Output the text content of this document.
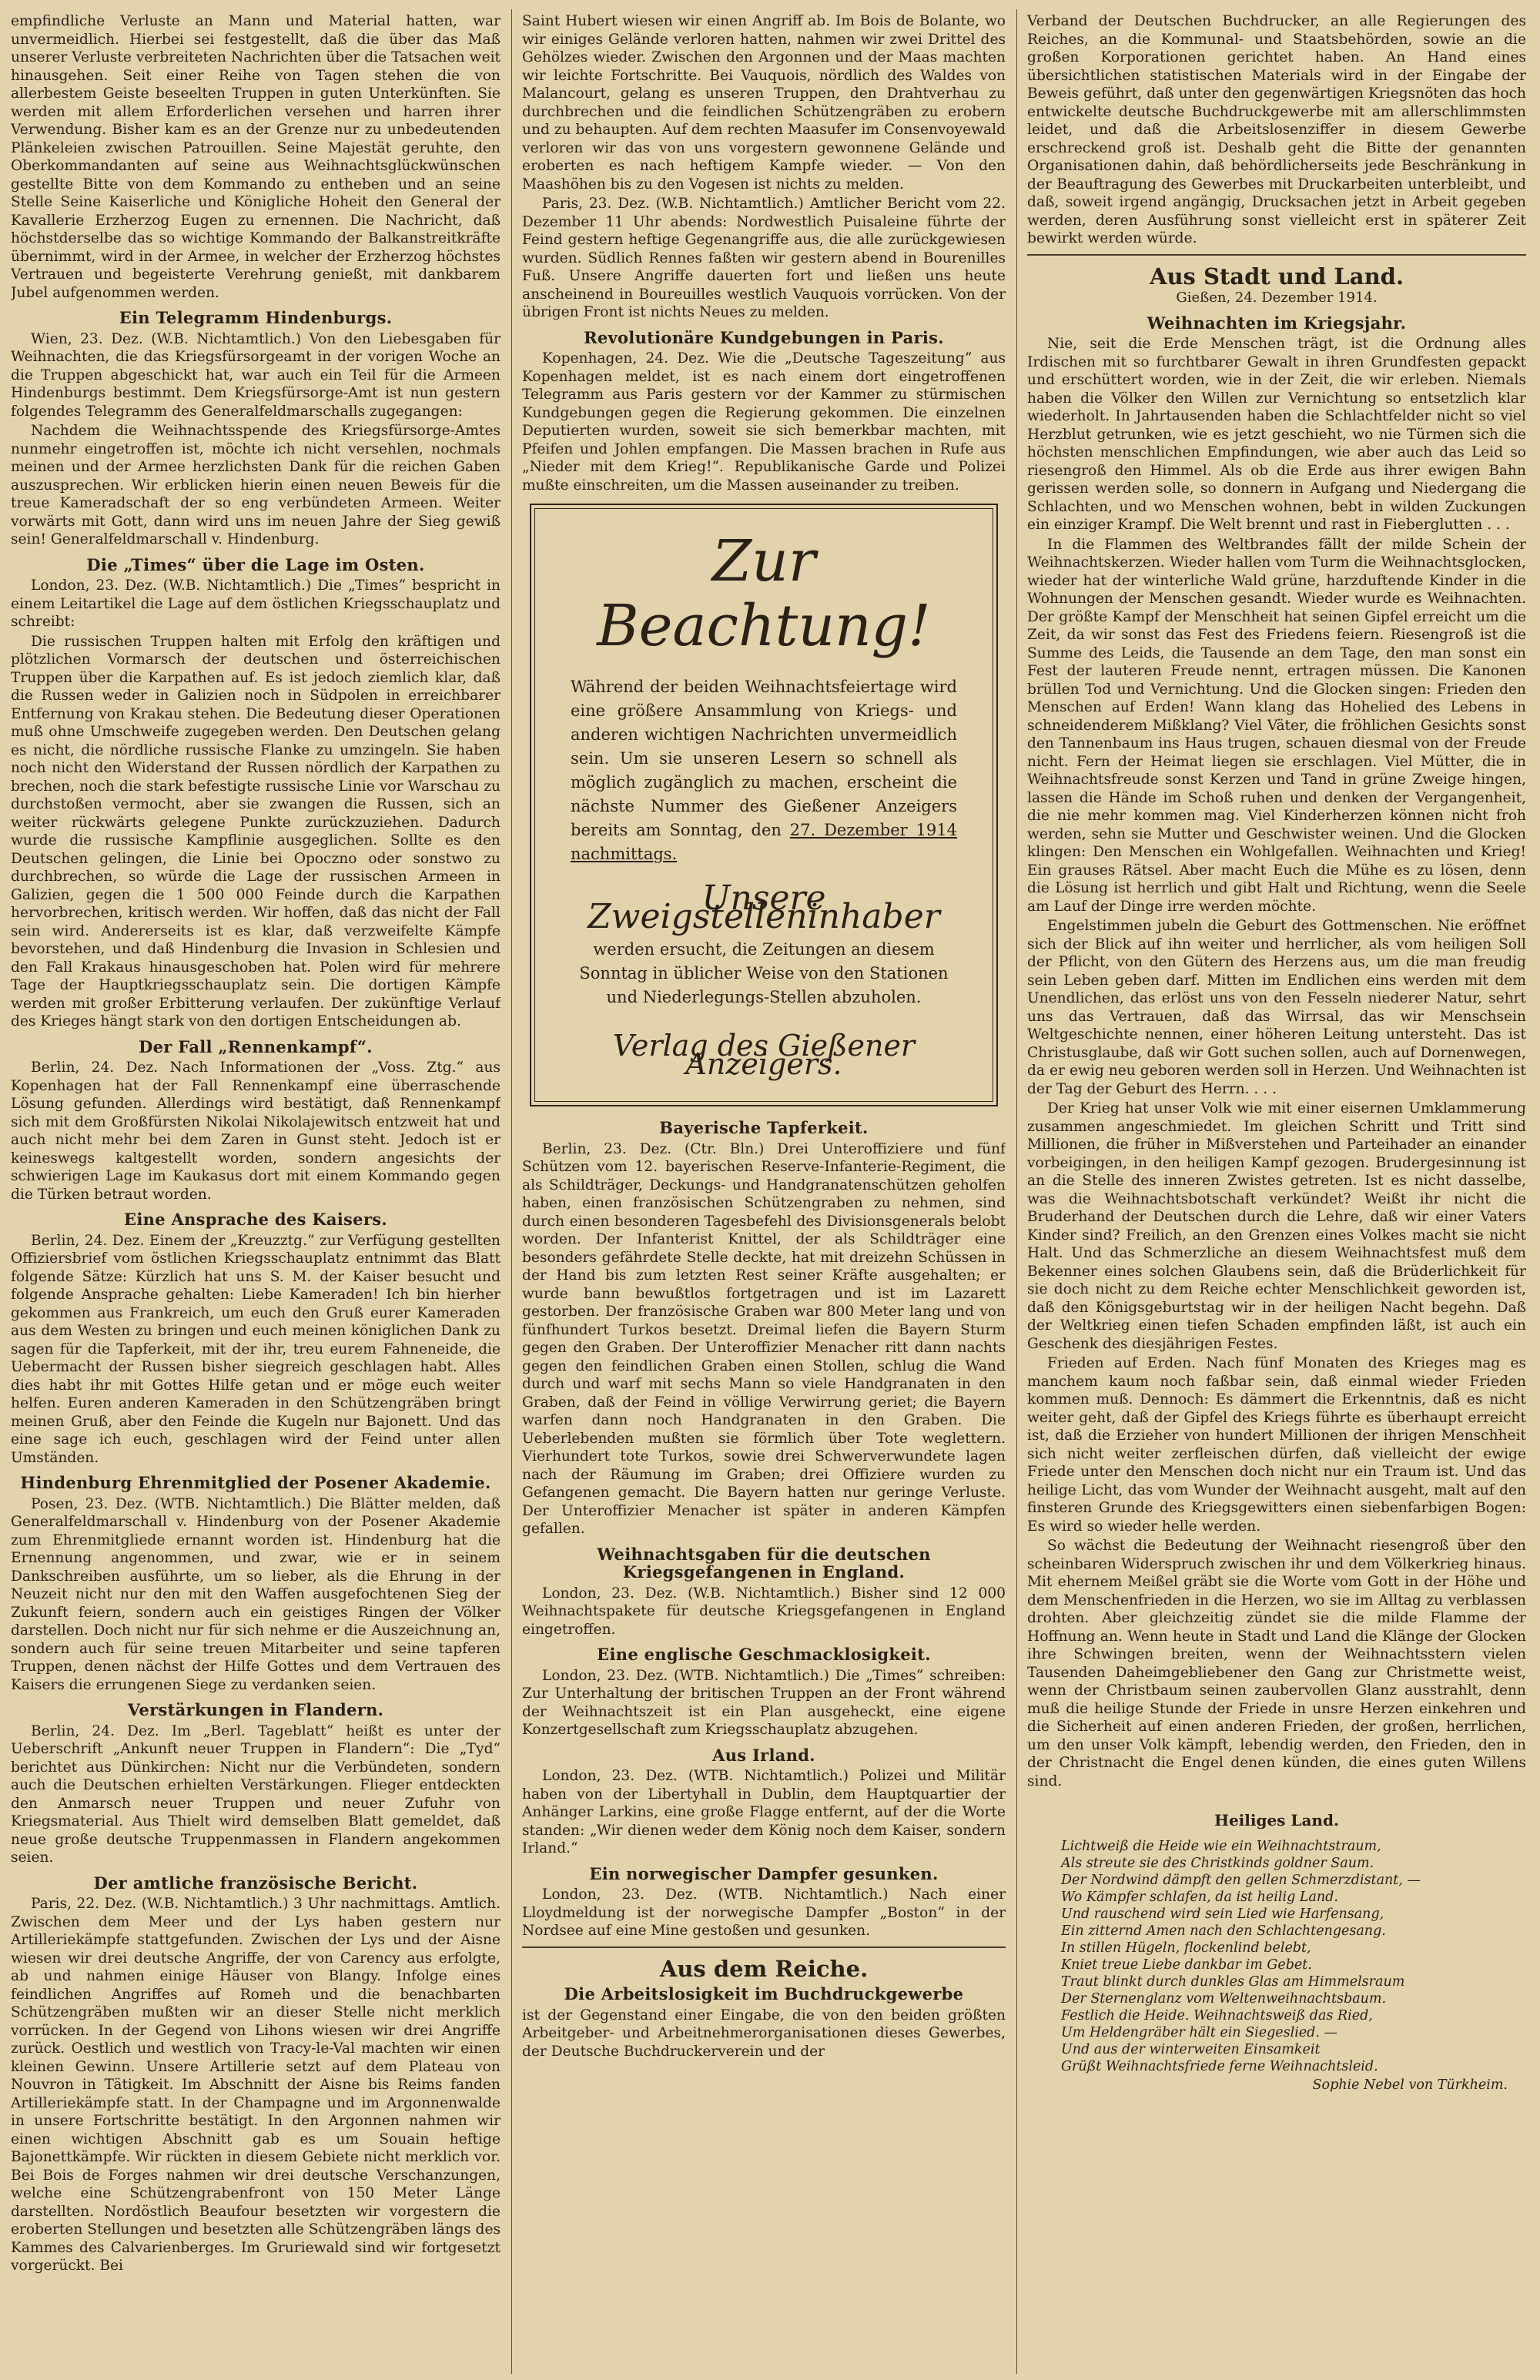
empfindliche Verluste an Mann und Material hatten, war unvermeidlich. Hierbei sei festgestellt, daß die über das Maß unserer Verluste verbreiteten Nachrichten über die Tatsachen weit hinausgehen. Seit einer Reihe von Tagen stehen die von allerbestem Geiste beseelten Truppen in guten Unterkünften. Sie werden mit allem Erforderlichen versehen und harren ihrer Verwendung. Bisher kam es an der Grenze nur zu unbedeutenden Plänkeleien zwischen Patrouillen. Seine Majestät geruhte, den Oberkommandanten auf seine aus Weihnachtsglückwünschen gestellte Bitte von dem Kommando zu entheben und an seine Stelle Seine Kaiserliche und Königliche Hoheit den General der Kavallerie Erzherzog Eugen zu ernennen. Die Nachricht, daß höchstderselbe das so wichtige Kommando der Balkanstreitkräfte übernimmt, wird in der Armee, in welcher der Erzherzog höchstes Vertrauen und begeisterte Verehrung genießt, mit dankbarem Jubel aufgenommen werden.

Ein Telegramm Hindenburgs.

Wien, 23. Dez. (W.B. Nichtamtlich.) Von den Liebesgaben für Weihnachten, die das Kriegsfürsorgeamt in der vorigen Woche an die Truppen abgeschickt hat, war auch ein Teil für die Armeen Hindenburgs bestimmt. Dem Kriegsfürsorge-Amt ist nun gestern folgendes Telegramm des Generalfeldmarschalls zugegangen:

Nachdem die Weihnachtsspende des Kriegsfürsorge-Amtes nunmehr eingetroffen ist, möchte ich nicht versehlen, nochmals meinen und der Armee herzlichsten Dank für die reichen Gaben auszusprechen. Wir erblicken hierin einen neuen Beweis für die treue Kameradschaft der so eng verbündeten Armeen. Weiter vorwärts mit Gott, dann wird uns im neuen Jahre der Sieg gewiß sein! Generalfeldmarschall v. Hindenburg.

Die „Times“ über die Lage im Osten.

London, 23. Dez. (W.B. Nichtamtlich.) Die „Times“ bespricht in einem Leitartikel die Lage auf dem östlichen Kriegsschauplatz und schreibt:

Die russischen Truppen halten mit Erfolg den kräftigen und plötzlichen Vormarsch der deutschen und österreichischen Truppen über die Karpathen auf. Es ist jedoch ziemlich klar, daß die Russen weder in Galizien noch in Südpolen in erreichbarer Entfernung von Krakau stehen. Die Bedeutung dieser Operationen muß ohne Umschweife zugegeben werden. Den Deutschen gelang es nicht, die nördliche russische Flanke zu umzingeln. Sie haben noch nicht den Widerstand der Russen nördlich der Karpathen zu brechen, noch die stark befestigte russische Linie vor Warschau zu durchstoßen vermocht, aber sie zwangen die Russen, sich an weiter rückwärts gelegene Punkte zurückzuziehen. Dadurch wurde die russische Kampflinie ausgeglichen. Sollte es den Deutschen gelingen, die Linie bei Opoczno oder sonstwo zu durchbrechen, so würde die Lage der russischen Armeen in Galizien, gegen die 1 500 000 Feinde durch die Karpathen hervorbrechen, kritisch werden. Wir hoffen, daß das nicht der Fall sein wird. Andererseits ist es klar, daß verzweifelte Kämpfe bevorstehen, und daß Hindenburg die Invasion in Schlesien und den Fall Krakaus hinausgeschoben hat. Polen wird für mehrere Tage der Hauptkriegsschauplatz sein. Die dortigen Kämpfe werden mit großer Erbitterung verlaufen. Der zukünftige Verlauf des Krieges hängt stark von den dortigen Entscheidungen ab.

Der Fall „Rennenkampf“.

Berlin, 24. Dez. Nach Informationen der „Voss. Ztg.“ aus Kopenhagen hat der Fall Rennenkampf eine überraschende Lösung gefunden. Allerdings wird bestätigt, daß Rennenkampf sich mit dem Großfürsten Nikolai Nikolajewitsch entzweit hat und auch nicht mehr bei dem Zaren in Gunst steht. Jedoch ist er keineswegs kaltgestellt worden, sondern angesichts der schwierigen Lage im Kaukasus dort mit einem Kommando gegen die Türken betraut worden.

Eine Ansprache des Kaisers.

Berlin, 24. Dez. Einem der „Kreuzztg.“ zur Verfügung gestellten Offiziersbrief vom östlichen Kriegsschauplatz entnimmt das Blatt folgende Sätze: Kürzlich hat uns S. M. der Kaiser besucht und folgende Ansprache gehalten: Liebe Kameraden! Ich bin hierher gekommen aus Frankreich, um euch den Gruß eurer Kameraden aus dem Westen zu bringen und euch meinen königlichen Dank zu sagen für die Tapferkeit, mit der ihr, treu eurem Fahneneide, die Uebermacht der Russen bisher siegreich geschlagen habt. Alles dies habt ihr mit Gottes Hilfe getan und er möge euch weiter helfen. Euren anderen Kameraden in den Schützengräben bringt meinen Gruß, aber den Feinde die Kugeln nur Bajonett. Und das eine sage ich euch, geschlagen wird der Feind unter allen Umständen.

Hindenburg Ehrenmitglied der Posener Akademie.

Posen, 23. Dez. (WTB. Nichtamtlich.) Die Blätter melden, daß Generalfeldmarschall v. Hindenburg von der Posener Akademie zum Ehrenmitgliede ernannt worden ist. Hindenburg hat die Ernennung angenommen, und zwar, wie er in seinem Dankschreiben ausführte, um so lieber, als die Ehrung in der Neuzeit nicht nur den mit den Waffen ausgefochtenen Sieg der Zukunft feiern, sondern auch ein geistiges Ringen der Völker darstellen. Doch nicht nur für sich nehme er die Auszeichnung an, sondern auch für seine treuen Mitarbeiter und seine tapferen Truppen, denen nächst der Hilfe Gottes und dem Vertrauen des Kaisers die errungenen Siege zu verdanken seien.

Verstärkungen in Flandern.

Berlin, 24. Dez. Im „Berl. Tageblatt“ heißt es unter der Ueberschrift „Ankunft neuer Truppen in Flandern“: Die „Tyd“ berichtet aus Dünkirchen: Nicht nur die Verbündeten, sondern auch die Deutschen erhielten Verstärkungen. Flieger entdeckten den Anmarsch neuer Truppen und neuer Zufuhr von Kriegsmaterial. Aus Thielt wird demselben Blatt gemeldet, daß neue große deutsche Truppenmassen in Flandern angekommen seien.

Der amtliche französische Bericht.

Paris, 22. Dez. (W.B. Nichtamtlich.) 3 Uhr nachmittags. Amtlich. Zwischen dem Meer und der Lys haben gestern nur Artilleriekämpfe stattgefunden. Zwischen der Lys und der Aisne wiesen wir drei deutsche Angriffe, der von Carency aus erfolgte, ab und nahmen einige Häuser von Blangy. Infolge eines feindlichen Angriffes auf Romeh und die benachbarten Schützengräben mußten wir an dieser Stelle nicht merklich vorrücken. In der Gegend von Lihons wiesen wir drei Angriffe zurück. Oestlich und westlich von Tracy-le-Val machten wir einen kleinen Gewinn. Unsere Artillerie setzt auf dem Plateau von Nouvron in Tätigkeit. Im Abschnitt der Aisne bis Reims fanden Artilleriekämpfe statt. In der Champagne und im Argonnenwalde in unsere Fortschritte bestätigt. In den Argonnen nahmen wir einen wichtigen Abschnitt gab es um Souain heftige Bajonettkämpfe. Wir rückten in diesem Gebiete nicht merklich vor. Bei Bois de Forges nahmen wir drei deutsche Verschanzungen, welche eine Schützengrabenfront von 150 Meter Länge darstellten. Nordöstlich Beaufour besetzten wir vorgestern die eroberten Stellungen und besetzten alle Schützengräben längs des Kammes des Calvarienberges. Im Gruriewald sind wir fortgesetzt vorgerückt. Bei

Saint Hubert wiesen wir einen Angriff ab. Im Bois de Bolante, wo wir einiges Gelände verloren hatten, nahmen wir zwei Drittel des Gehölzes wieder. Zwischen den Argonnen und der Maas machten wir leichte Fortschritte. Bei Vauquois, nördlich des Waldes von Malancourt, gelang es unseren Truppen, den Drahtverhau zu durchbrechen und die feindlichen Schützengräben zu erobern und zu behaupten. Auf dem rechten Maasufer im Consenvoyewald verloren wir das von uns vorgestern gewonnene Gelände und eroberten es nach heftigem Kampfe wieder. — Von den Maashöhen bis zu den Vogesen ist nichts zu melden.

Paris, 23. Dez. (W.B. Nichtamtlich.) Amtlicher Bericht vom 22. Dezember 11 Uhr abends: Nordwestlich Puisaleine führte der Feind gestern heftige Gegenangriffe aus, die alle zurückgewiesen wurden. Südlich Rennes faßten wir gestern abend in Bourenilles Fuß. Unsere Angriffe dauerten fort und ließen uns heute anscheinend in Boureuilles westlich Vauquois vorrücken. Von der übrigen Front ist nichts Neues zu melden.

Revolutionäre Kundgebungen in Paris.

Kopenhagen, 24. Dez. Wie die „Deutsche Tageszeitung“ aus Kopenhagen meldet, ist es nach einem dort eingetroffenen Telegramm aus Paris gestern vor der Kammer zu stürmischen Kundgebungen gegen die Regierung gekommen. Die einzelnen Deputierten wurden, soweit sie sich bemerkbar machten, mit Pfeifen und Johlen empfangen. Die Massen brachen in Rufe aus „Nieder mit dem Krieg!“. Republikanische Garde und Polizei mußte einschreiten, um die Massen auseinander zu treiben.

Zur Beachtung!
Während der beiden Weihnachtsfeiertage wird eine größere Ansammlung von Kriegs- und anderen wichtigen Nachrichten unvermeidlich sein. Um sie unseren Lesern so schnell als möglich zugänglich zu machen, erscheint die nächste Nummer des Gießener Anzeigers bereits am Sonntag, den 27. Dezember 1914 nachmittags.
Unsere Zweigstelleninhaber
werden ersucht, die Zeitungen an diesem Sonntag in üblicher Weise von den Stationen und Niederlegungs-Stellen abzuholen.
Verlag des Gießener Anzeigers.
Bayerische Tapferkeit.

Berlin, 23. Dez. (Ctr. Bln.) Drei Unteroffiziere und fünf Schützen vom 12. bayerischen Reserve-Infanterie-Regiment, die als Schildträger, Deckungs- und Handgranatenschützen geholfen haben, einen französischen Schützengraben zu nehmen, sind durch einen besonderen Tagesbefehl des Divisionsgenerals belobt worden. Der Infanterist Knittel, der als Schildträger eine besonders gefährdete Stelle deckte, hat mit dreizehn Schüssen in der Hand bis zum letzten Rest seiner Kräfte ausgehalten; er wurde bann bewußtlos fortgetragen und ist im Lazarett gestorben. Der französische Graben war 800 Meter lang und von fünfhundert Turkos besetzt. Dreimal liefen die Bayern Sturm gegen den Graben. Der Unteroffizier Menacher ritt dann nachts gegen den feindlichen Graben einen Stollen, schlug die Wand durch und warf mit sechs Mann so viele Handgranaten in den Graben, daß der Feind in völlige Verwirrung geriet; die Bayern warfen dann noch Handgranaten in den Graben. Die Ueberlebenden mußten sie förmlich über Tote weglettern. Vierhundert tote Turkos, sowie drei Schwerverwundete lagen nach der Räumung im Graben; drei Offiziere wurden zu Gefangenen gemacht. Die Bayern hatten nur geringe Verluste. Der Unteroffizier Menacher ist später in anderen Kämpfen gefallen.

Weihnachtsgaben für die deutschen Kriegsgefangenen in England.

London, 23. Dez. (W.B. Nichtamtlich.) Bisher sind 12 000 Weihnachtspakete für deutsche Kriegsgefangenen in England eingetroffen.

Eine englische Geschmacklosigkeit.

London, 23. Dez. (WTB. Nichtamtlich.) Die „Times“ schreiben: Zur Unterhaltung der britischen Truppen an der Front während der Weihnachtszeit ist ein Plan ausgeheckt, eine eigene Konzertgesellschaft zum Kriegsschauplatz abzugehen.

Aus Irland.

London, 23. Dez. (WTB. Nichtamtlich.) Polizei und Militär haben von der Libertyhall in Dublin, dem Hauptquartier der Anhänger Larkins, eine große Flagge entfernt, auf der die Worte standen: „Wir dienen weder dem König noch dem Kaiser, sondern Irland.“

Ein norwegischer Dampfer gesunken.

London, 23. Dez. (WTB. Nichtamtlich.) Nach einer Lloydmeldung ist der norwegische Dampfer „Boston“ in der Nordsee auf eine Mine gestoßen und gesunken.

Aus dem Reiche.
Die Arbeitslosigkeit im Buchdruckgewerbe

ist der Gegenstand einer Eingabe, die von den beiden größten Arbeitgeber- und Arbeitnehmerorganisationen dieses Gewerbes, der Deutsche Buchdruckerverein und der

Verband der Deutschen Buchdrucker, an alle Regierungen des Reiches, an die Kommunal- und Staatsbehörden, sowie an die großen Korporationen gerichtet haben. An Hand eines übersichtlichen statistischen Materials wird in der Eingabe der Beweis geführt, daß unter den gegenwärtigen Kriegsnöten das hoch entwickelte deutsche Buchdruckgewerbe mit am allerschlimmsten leidet, und daß die Arbeitslosenziffer in diesem Gewerbe erschreckend groß ist. Deshalb geht die Bitte der genannten Organisationen dahin, daß behördlicherseits jede Beschränkung in der Beauftragung des Gewerbes mit Druckarbeiten unterbleibt, und daß, soweit irgend angängig, Drucksachen jetzt in Arbeit gegeben werden, deren Ausführung sonst vielleicht erst in späterer Zeit bewirkt werden würde.

Aus Stadt und Land.
Gießen, 24. Dezember 1914.
Weihnachten im Kriegsjahr.

Nie, seit die Erde Menschen trägt, ist die Ordnung alles Irdischen mit so furchtbarer Gewalt in ihren Grundfesten gepackt und erschüttert worden, wie in der Zeit, die wir erleben. Niemals haben die Völker den Willen zur Vernichtung so entsetzlich klar wiederholt. In Jahrtausenden haben die Schlachtfelder nicht so viel Herzblut getrunken, wie es jetzt geschieht, wo nie Türmen sich die höchsten menschlichen Empfindungen, wie aber auch das Leid so riesengroß den Himmel. Als ob die Erde aus ihrer ewigen Bahn gerissen werden solle, so donnern in Aufgang und Niedergang die Schlachten, und wo Menschen wohnen, bebt in wilden Zuckungen ein einziger Krampf. Die Welt brennt und rast in Fieberglutten . . .

In die Flammen des Weltbrandes fällt der milde Schein der Weihnachtskerzen. Wieder hallen vom Turm die Weihnachtsglocken, wieder hat der winterliche Wald grüne, harzduftende Kinder in die Wohnungen der Menschen gesandt. Wieder wurde es Weihnachten. Der größte Kampf der Menschheit hat seinen Gipfel erreicht um die Zeit, da wir sonst das Fest des Friedens feiern. Riesengroß ist die Summe des Leids, die Tausende an dem Tage, den man sonst ein Fest der lauteren Freude nennt, ertragen müssen. Die Kanonen brüllen Tod und Vernichtung. Und die Glocken singen: Frieden den Menschen auf Erden! Wann klang das Hohelied des Lebens in schneidenderem Mißklang? Viel Väter, die fröhlichen Gesichts sonst den Tannenbaum ins Haus trugen, schauen diesmal von der Freude nicht. Fern der Heimat liegen sie erschlagen. Viel Mütter, die in Weihnachtsfreude sonst Kerzen und Tand in grüne Zweige hingen, lassen die Hände im Schoß ruhen und denken der Vergangenheit, die nie mehr kommen mag. Viel Kinderherzen können nicht froh werden, sehn sie Mutter und Geschwister weinen. Und die Glocken klingen: Den Menschen ein Wohlgefallen. Weihnachten und Krieg! Ein grauses Rätsel. Aber macht Euch die Mühe es zu lösen, denn die Lösung ist herrlich und gibt Halt und Richtung, wenn die Seele am Lauf der Dinge irre werden möchte.

Engelstimmen jubeln die Geburt des Gottmenschen. Nie eröffnet sich der Blick auf ihn weiter und herrlicher, als vom heiligen Soll der Pflicht, von den Gütern des Herzens aus, um die man freudig sein Leben geben darf. Mitten im Endlichen eins werden mit dem Unendlichen, das erlöst uns von den Fesseln niederer Natur, sehrt uns das Vertrauen, daß das Wirrsal, das wir Menschsein Weltgeschichte nennen, einer höheren Leitung untersteht. Das ist Christusglaube, daß wir Gott suchen sollen, auch auf Dornenwegen, da er ewig neu geboren werden soll in Herzen. Und Weihnachten ist der Tag der Geburt des Herrn. . . .

Der Krieg hat unser Volk wie mit einer eisernen Umklammerung zusammen angeschmiedet. Im gleichen Schritt und Tritt sind Millionen, die früher in Mißverstehen und Parteihader an einander vorbeigingen, in den heiligen Kampf gezogen. Brudergesinnung ist an die Stelle des inneren Zwistes getreten. Ist es nicht dasselbe, was die Weihnachtsbotschaft verkündet? Weißt ihr nicht die Bruderhand der Deutschen durch die Lehre, daß wir einer Vaters Kinder sind? Freilich, an den Grenzen eines Volkes macht sie nicht Halt. Und das Schmerzliche an diesem Weihnachtsfest muß dem Bekenner eines solchen Glaubens sein, daß die Brüderlichkeit für sie doch nicht zu dem Reiche echter Menschlichkeit geworden ist, daß den Königsgeburtstag wir in der heiligen Nacht begehn. Daß der Weltkrieg einen tiefen Schaden empfinden läßt, ist auch ein Geschenk des diesjährigen Festes.

Frieden auf Erden. Nach fünf Monaten des Krieges mag es manchem kaum noch faßbar sein, daß einmal wieder Frieden kommen muß. Dennoch: Es dämmert die Erkenntnis, daß es nicht weiter geht, daß der Gipfel des Kriegs führte es überhaupt erreicht ist, daß die Erzieher von hundert Millionen der ihrigen Menschheit sich nicht weiter zerfleischen dürfen, daß vielleicht der ewige Friede unter den Menschen doch nicht nur ein Traum ist. Und das heilige Licht, das vom Wunder der Weihnacht ausgeht, malt auf den finsteren Grunde des Kriegsgewitters einen siebenfarbigen Bogen: Es wird so wieder helle werden.

So wächst die Bedeutung der Weihnacht riesengroß über den scheinbaren Widerspruch zwischen ihr und dem Völkerkrieg hinaus. Mit ehernem Meißel gräbt sie die Worte vom Gott in der Höhe und dem Menschenfrieden in die Herzen, wo sie im Alltag zu verblassen drohten. Aber gleichzeitig zündet sie die milde Flamme der Hoffnung an. Wenn heute in Stadt und Land die Klänge der Glocken ihre Schwingen breiten, wenn der Weihnachtsstern vielen Tausenden Daheimgebliebener den Gang zur Christmette weist, wenn der Christbaum seinen zaubervollen Glanz ausstrahlt, denn muß die heilige Stunde der Friede in unsre Herzen einkehren und die Sicherheit auf einen anderen Frieden, der großen, herrlichen, um den unser Volk kämpft, lebendig werden, den Frieden, den in der Christnacht die Engel denen künden, die eines guten Willens sind.

Heiliges Land.
Lichtweiß die Heide wie ein Weihnachtstraum,
Als streute sie des Christkinds goldner Saum.
Der Nordwind dämpft den gellen Schmerzdistant, —
Wo Kämpfer schlafen, da ist heilig Land.
Und rauschend wird sein Lied wie Harfensang,
Ein zitternd Amen nach den Schlachtengesang.
In stillen Hügeln, flockenlind belebt,
Kniet treue Liebe dankbar im Gebet.
Traut blinkt durch dunkles Glas am Himmelsraum
Der Sternenglanz vom Weltenweihnachtsbaum.
Festlich die Heide. Weihnachtsweiß das Ried,
Um Heldengräber hält ein Siegeslied. —
Und aus der winterweiten Einsamkeit
Grüßt Weihnachtsfriede ferne Weihnachtsleid.
Sophie Nebel von Türkheim.
